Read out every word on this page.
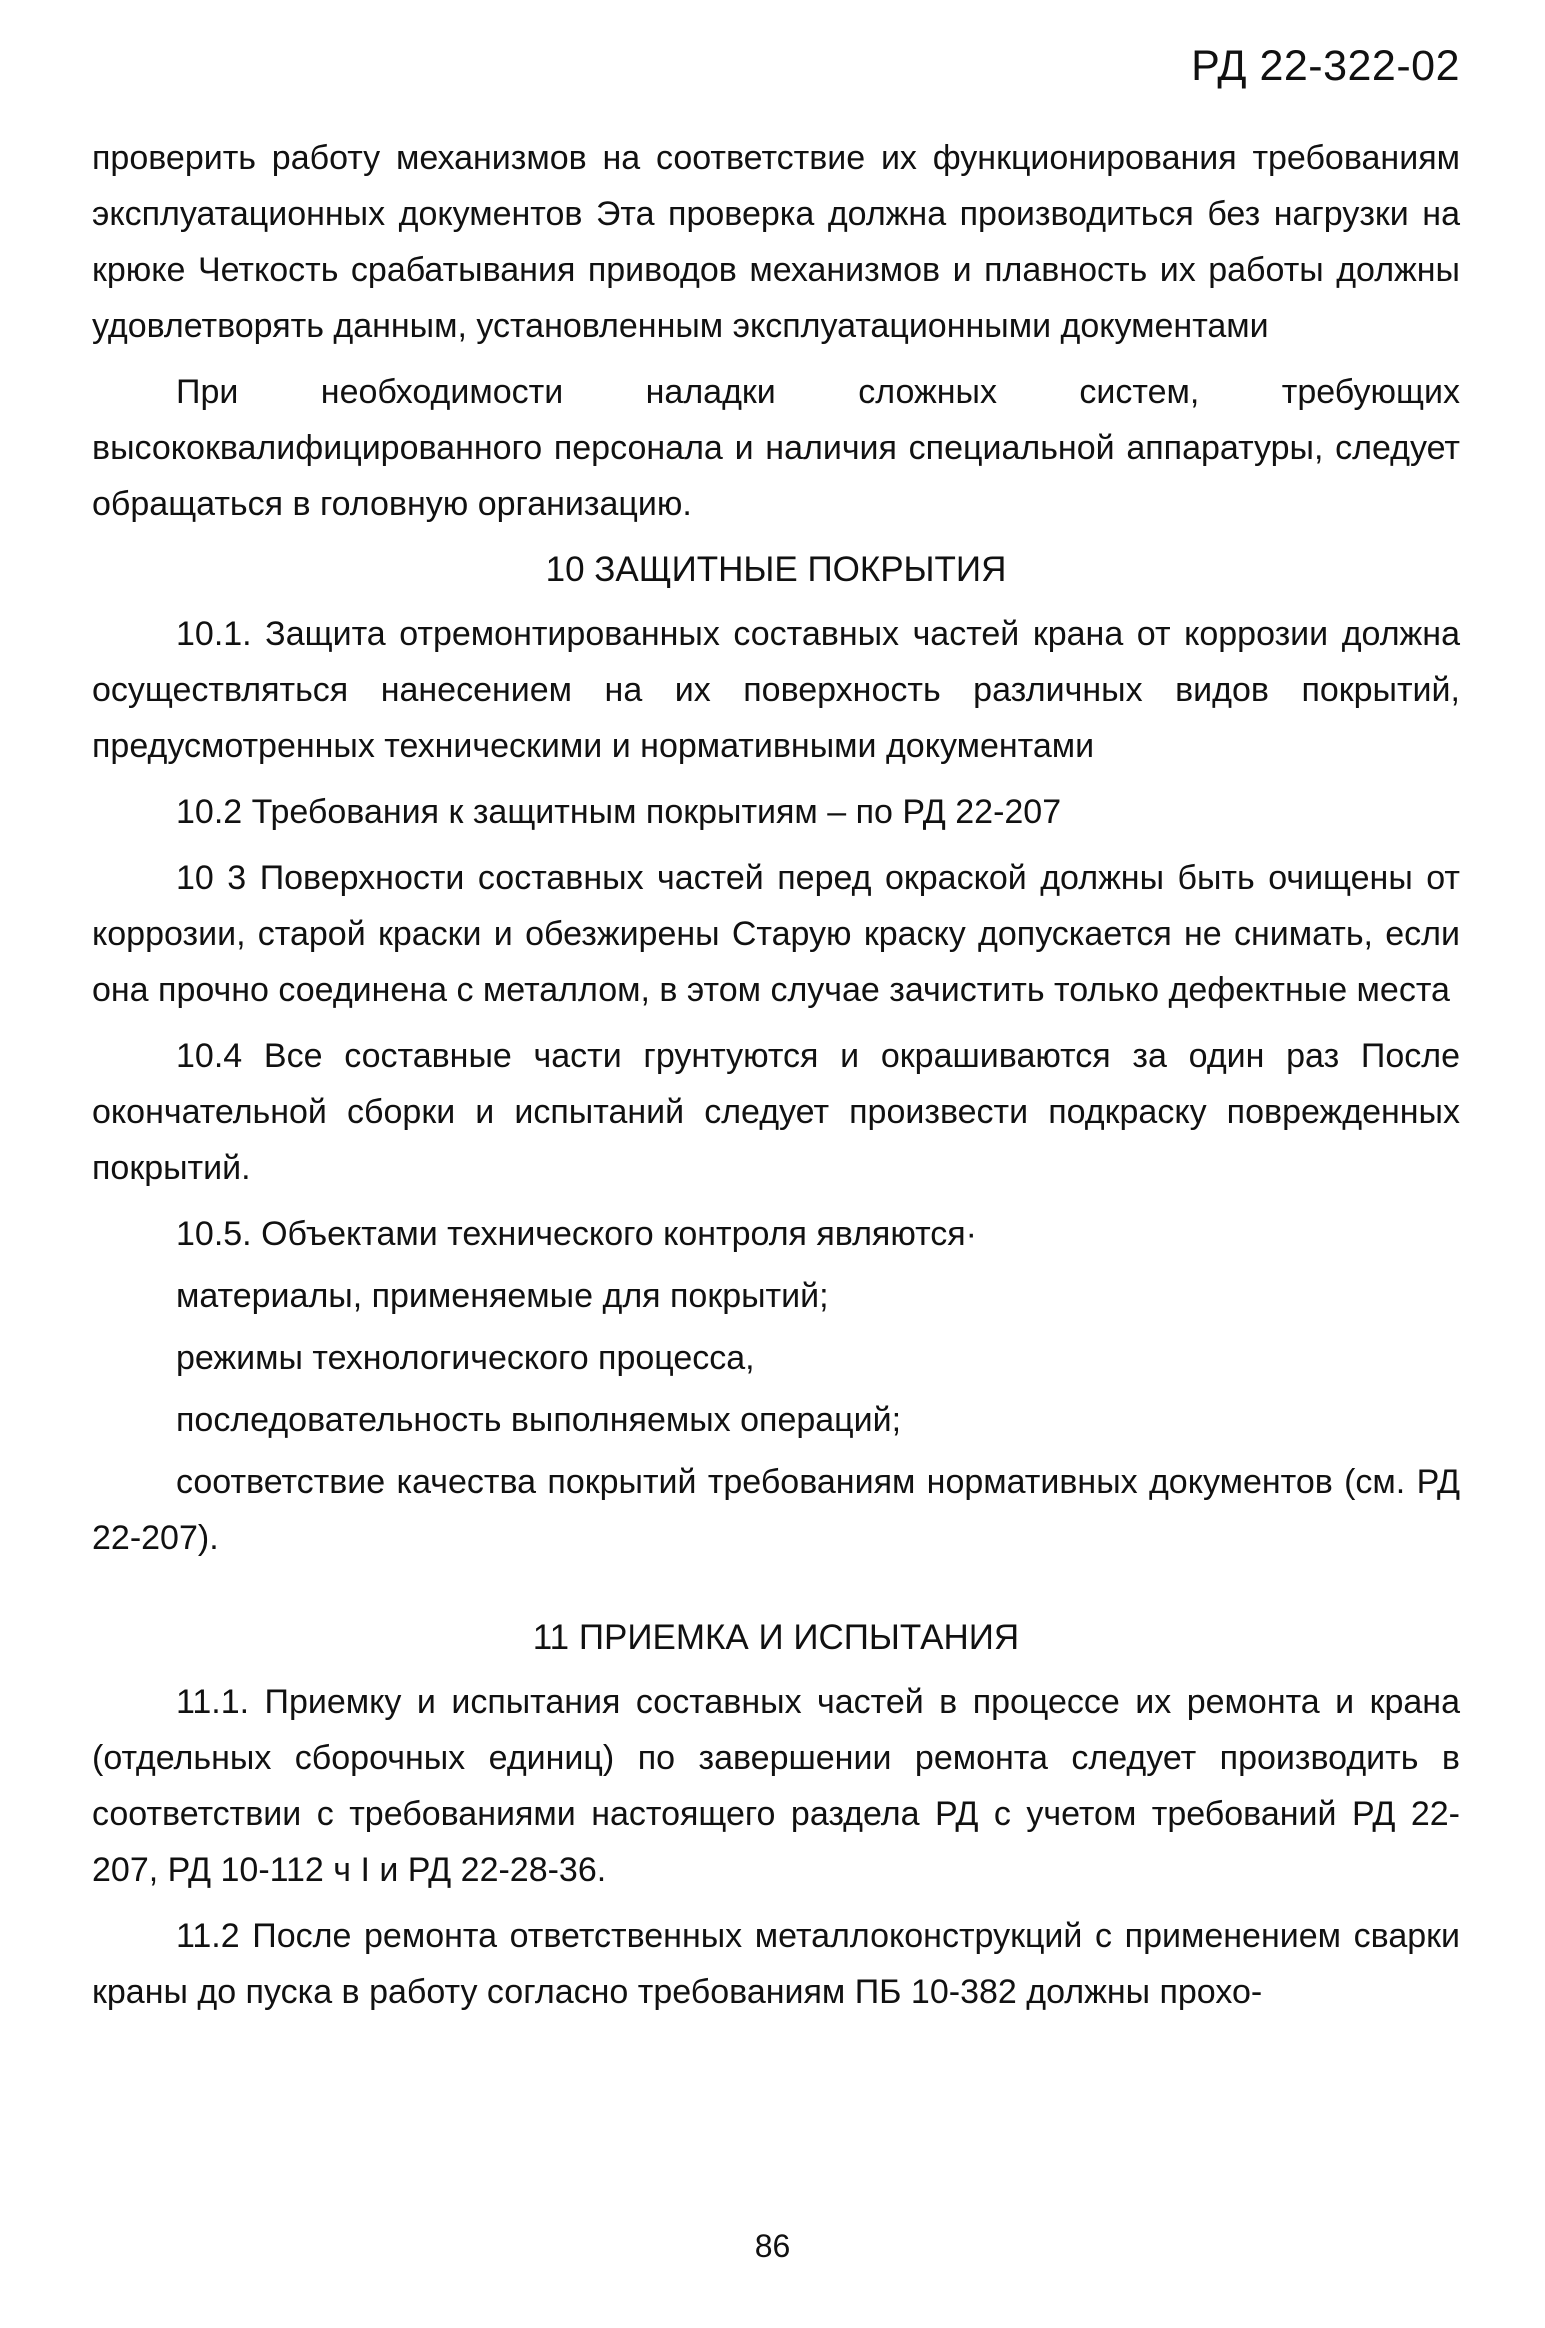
РД 22-322-02

проверить работу механизмов на соответствие их функционирования требованиям эксплуатационных документов Эта проверка должна производиться без нагрузки на крюке Четкость срабатывания приводов механизмов и плавность их работы должны удовлетворять данным, установленным эксплуатационными документами

При необходимости наладки сложных систем, требующих высококвалифицированного персонала и наличия специальной аппаратуры, следует обращаться в головную организацию.

10 ЗАЩИТНЫЕ ПОКРЫТИЯ

10.1. Защита отремонтированных составных частей крана от коррозии должна осуществляться нанесением на их поверхность различных видов покрытий, предусмотренных техническими и нормативными документами

10.2 Требования к защитным покрытиям – по РД 22-207

10 3 Поверхности составных частей перед окраской должны быть очищены от коррозии, старой краски и обезжирены Старую краску допускается не снимать, если она прочно соединена с металлом, в этом случае зачистить только дефектные места

10.4 Все составные части грунтуются и окрашиваются за один раз После окончательной сборки и испытаний следует произвести подкраску поврежденных покрытий.

10.5. Объектами технического контроля являются·

материалы, применяемые для покрытий;

режимы технологического процесса,

последовательность выполняемых операций;

соответствие качества покрытий требованиям нормативных документов (см. РД 22-207).

11 ПРИЕМКА И ИСПЫТАНИЯ

11.1. Приемку и испытания составных частей в процессе их ремонта и крана (отдельных сборочных единиц) по завершении ремонта следует производить в соответствии с требованиями настоящего раздела РД с учетом требований РД 22-207, РД 10-112 ч I и РД 22-28-36.

11.2 После ремонта ответственных металлоконструкций с применением сварки краны до пуска в работу согласно требованиям ПБ 10-382 должны прохо-

86
